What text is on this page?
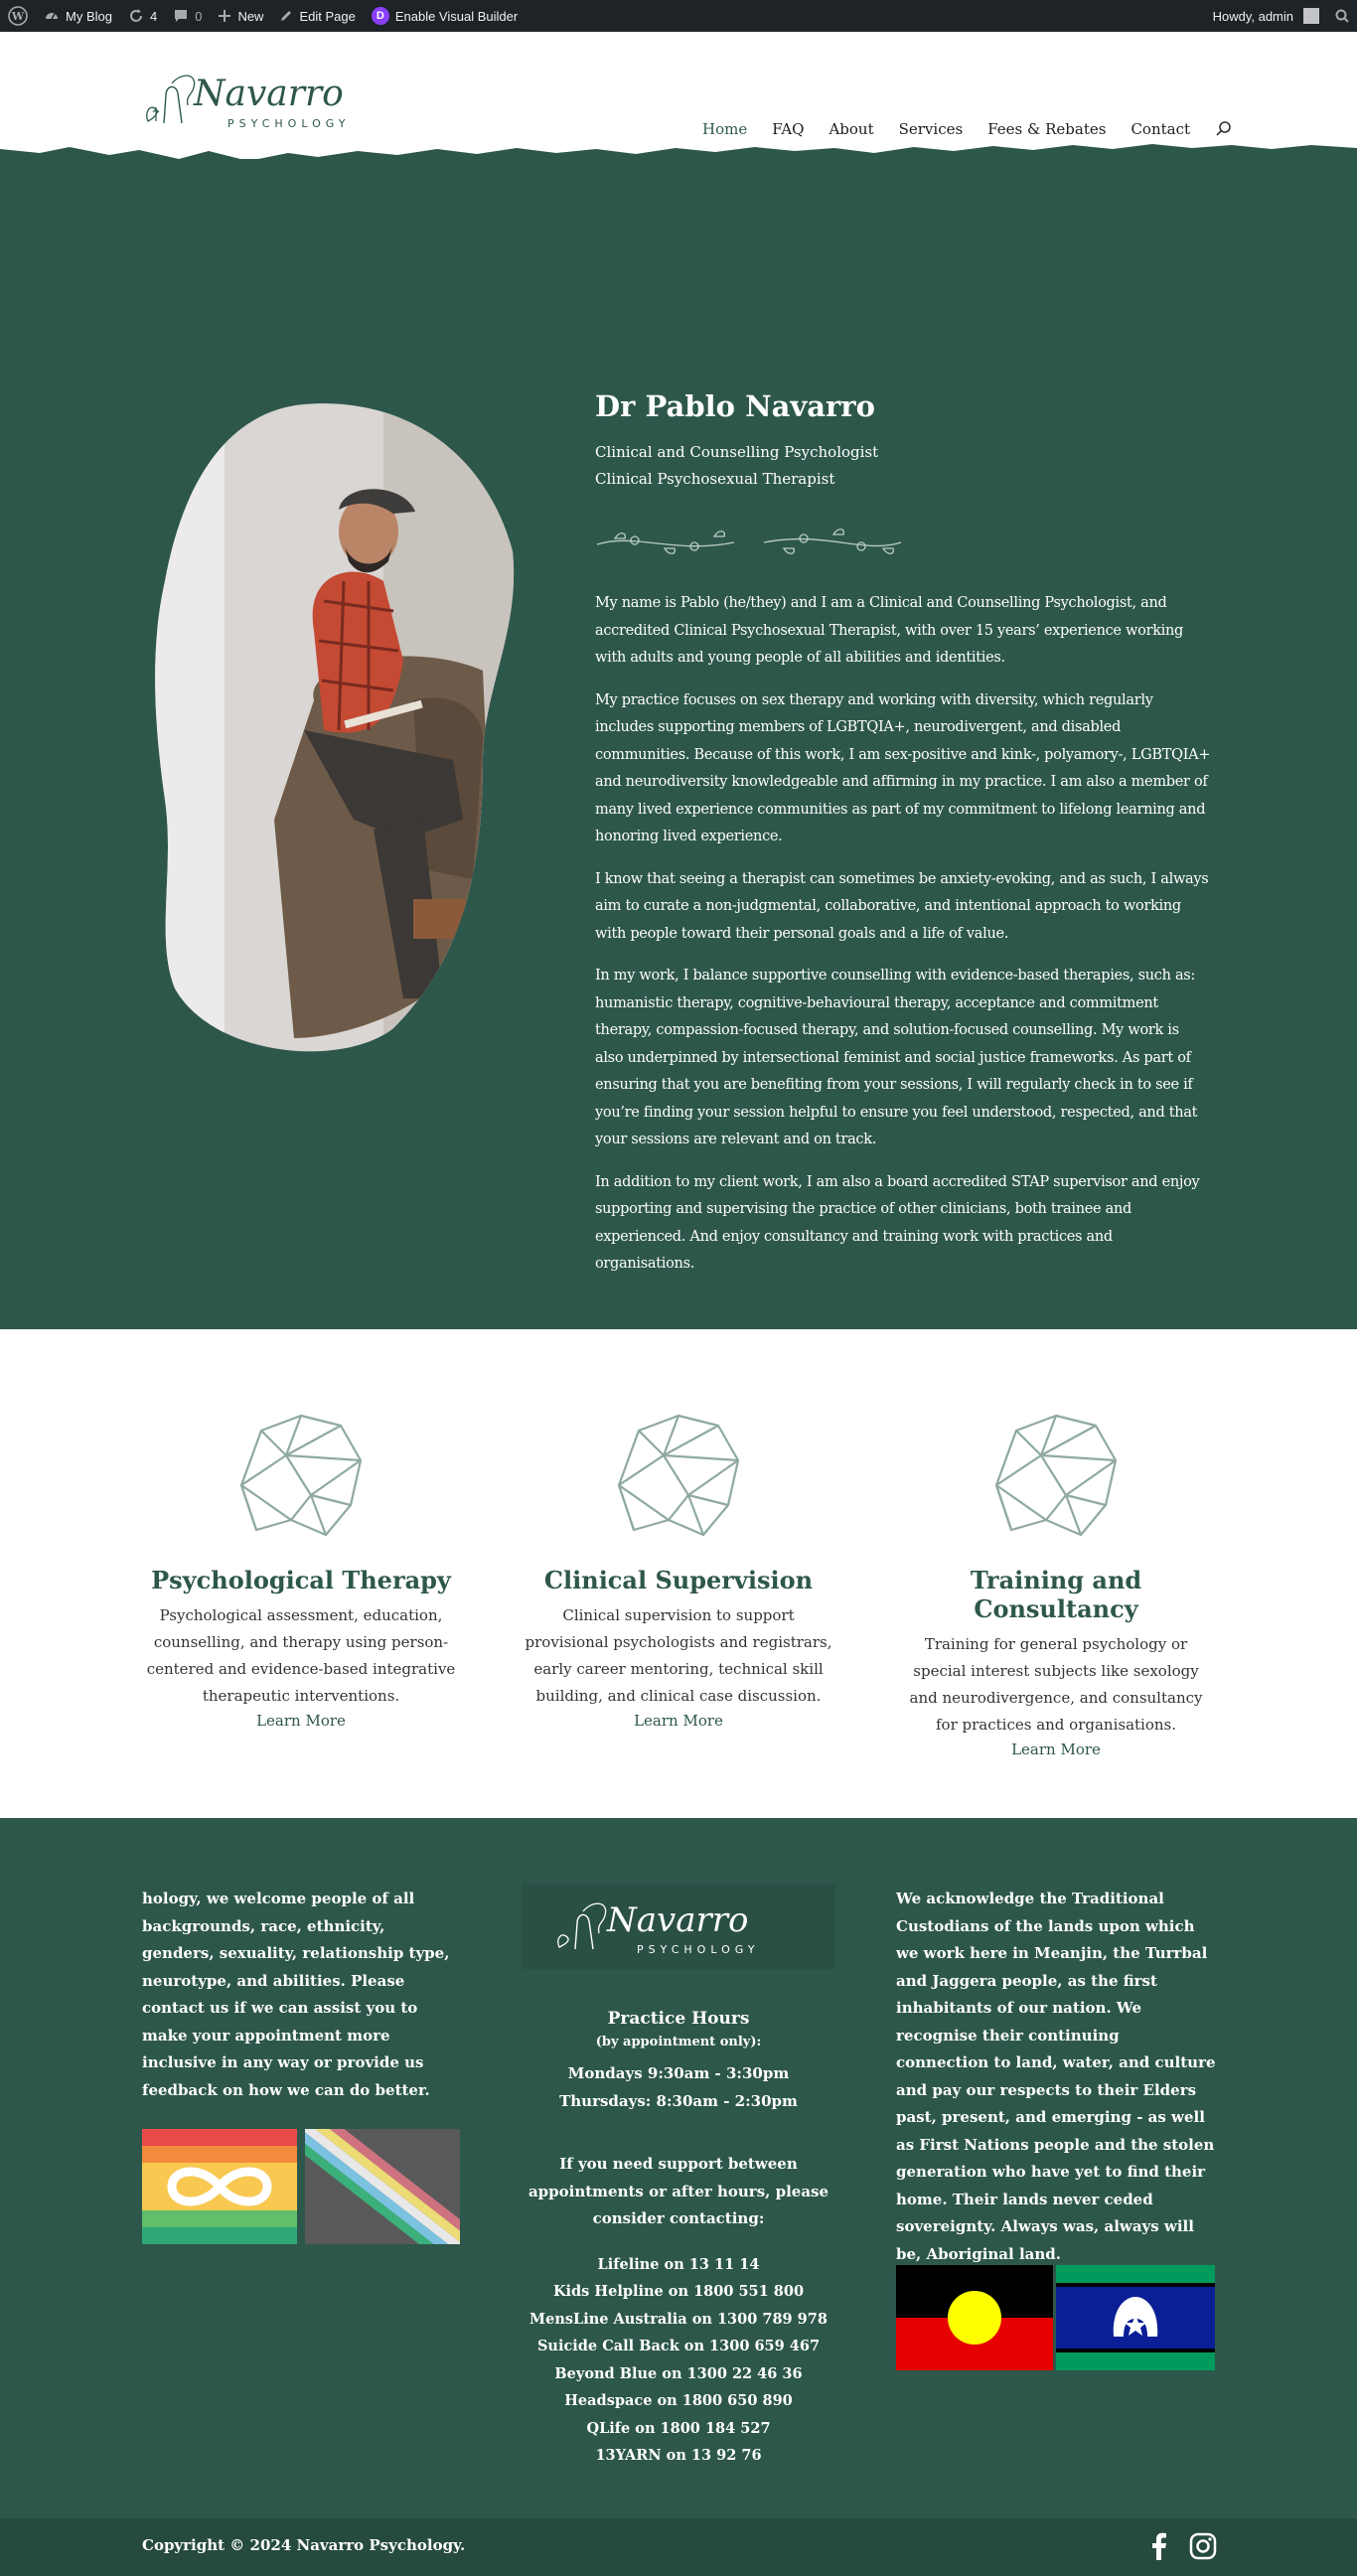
W	My Blog	4	0	New	Edit Page	D Enable Visual Builder	Howdy, admin
Navarro
PSYCHOLOGY	Home FAQ About Services Fees & Rebates Contact
Dr Pablo Navarro
Clinical and Counselling Psychologist
Clinical Psychosexual Therapist

My name is Pablo (he/they) and I am a Clinical and Counselling Psychologist, and accredited Clinical Psychosexual Therapist, with over 15 years’ experience working with adults and young people of all abilities and identities.

My practice focuses on sex therapy and working with diversity, which regularly includes supporting members of LGBTQIA+, neurodivergent, and disabled communities. Because of this work, I am sex-positive and kink-, polyamory-, LGBTQIA+ and neurodiversity knowledgeable and affirming in my practice. I am also a member of many lived experience communities as part of my commitment to lifelong learning and honoring lived experience.

I know that seeing a therapist can sometimes be anxiety-evoking, and as such, I always aim to curate a non-judgmental, collaborative, and intentional approach to working with people toward their personal goals and a life of value.

In my work, I balance supportive counselling with evidence-based therapies, such as: humanistic therapy, cognitive-behavioural therapy, acceptance and commitment therapy, compassion-focused therapy, and solution-focused counselling. My work is also underpinned by intersectional feminist and social justice frameworks. As part of ensuring that you are benefiting from your sessions, I will regularly check in to see if you’re finding your session helpful to ensure you feel understood, respected, and that your sessions are relevant and on track.

In addition to my client work, I am also a board accredited STAP supervisor and enjoy supporting and supervising the practice of other clinicians, both trainee and experienced. And enjoy consultancy and training work with practices and organisations.

Psychological Therapy

Psychological assessment, education, counselling, and therapy using person-centered and evidence-based integrative therapeutic interventions.

Learn More
Clinical Supervision

Clinical supervision to support provisional psychologists and registrars, early career mentoring, technical skill building, and clinical case discussion.

Learn More
Training and Consultancy

Training for general psychology or special interest subjects like sexology and neurodivergence, and consultancy for practices and organisations.

Learn More
hology, we welcome people of all backgrounds, race, ethnicity, genders, sexuality, relationship type, neurotype, and abilities. Please contact us if we can assist you to make your appointment more inclusive in any way or provide us feedback on how we can do better.
Navarro
PSYCHOLOGY
Practice Hours
(by appointment only):
Mondays 9:30am - 3:30pm
Thursdays: 8:30am - 2:30pm
If you need support between appointments or after hours, please consider contacting:
Lifeline on 13 11 14
Kids Helpline on 1800 551 800
MensLine Australia on 1300 789 978
Suicide Call Back on 1300 659 467
Beyond Blue on 1300 22 46 36
Headspace on 1800 650 890
QLife on 1800 184 527
13YARN on 13 92 76
We acknowledge the Traditional Custodians of the lands upon which we work here in Meanjin, the Turrbal and Jaggera people, as the first inhabitants of our nation. We recognise their continuing connection to land, water, and culture and pay our respects to their Elders past, present, and emerging - as well as First Nations people and the stolen generation who have yet to find their home. Their lands never ceded sovereignty. Always was, always will be, Aboriginal land.
Copyright © 2024 Navarro Psychology.
